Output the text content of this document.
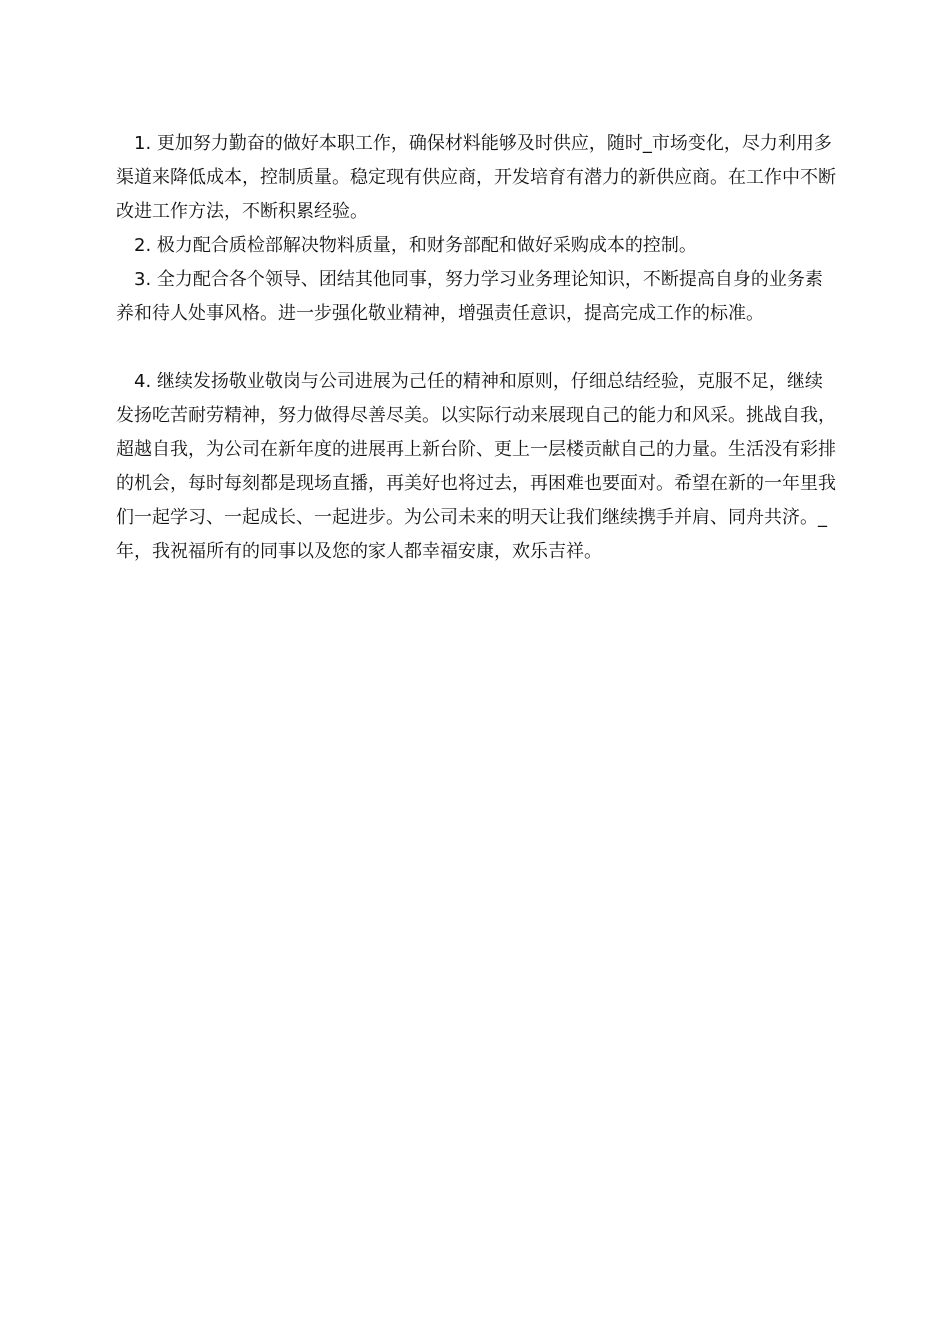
1. 更加努力勤奋的做好本职工作，确保材料能够及时供应，随时_市场变化，尽力利用多渠道来降低成本，控制质量。稳定现有供应商，开发培育有潜力的新供应商。在工作中不断改进工作方法，不断积累经验。

2. 极力配合质检部解决物料质量，和财务部配和做好采购成本的控制。

3. 全力配合各个领导、团结其他同事，努力学习业务理论知识，不断提高自身的业务素养和待人处事风格。进一步强化敬业精神，增强责任意识，提高完成工作的标准。

4. 继续发扬敬业敬岗与公司进展为己任的精神和原则，仔细总结经验，克服不足，继续发扬吃苦耐劳精神，努力做得尽善尽美。以实际行动来展现自己的能力和风采。挑战自我，超越自我，为公司在新年度的进展再上新台阶、更上一层楼贡献自己的力量。生活没有彩排的机会，每时每刻都是现场直播，再美好也将过去，再困难也要面对。希望在新的一年里我们一起学习、一起成长、一起进步。为公司未来的明天让我们继续携手并肩、同舟共济。_年，我祝福所有的同事以及您的家人都幸福安康，欢乐吉祥。
